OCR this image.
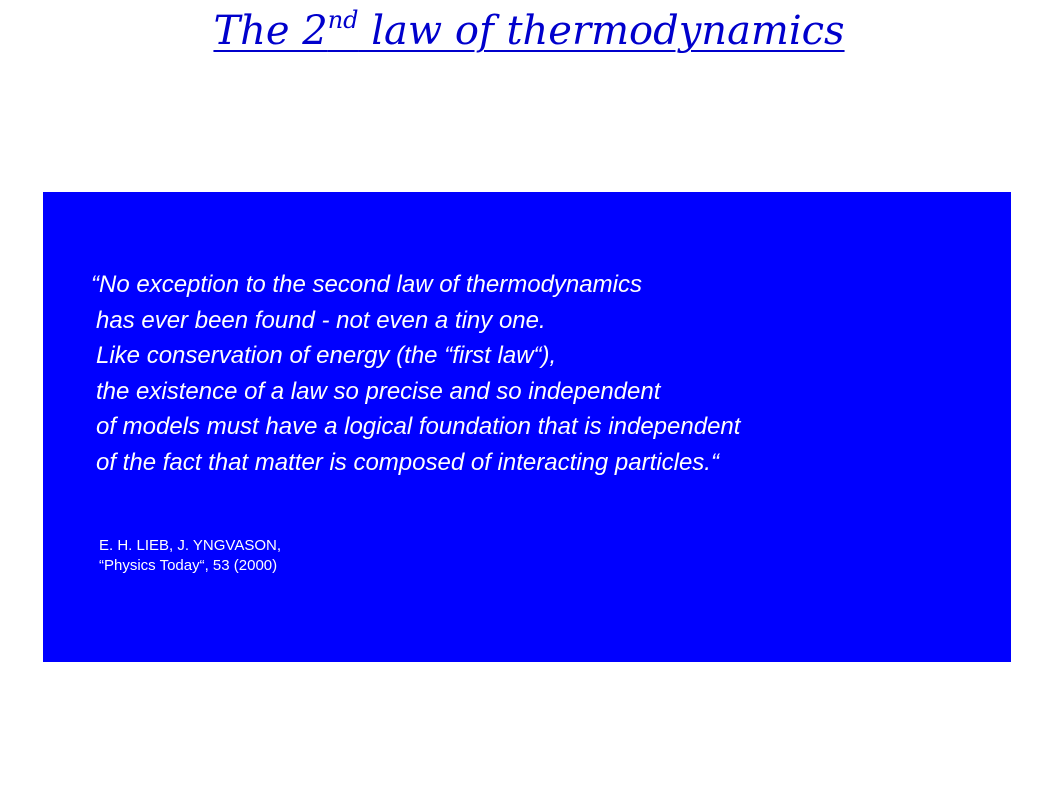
The 2nd law of thermodynamics

“No exception to the second law of thermodynamics
has ever been found - not even a tiny one.
Like conservation of energy (the “first law“),
the existence of a law so precise and so independent
of models must have a logical foundation that is independent
of the fact that matter is composed of interacting particles.“

E. H. LIEB, J. YNGVASON,
“Physics Today“, 53 (2000)
